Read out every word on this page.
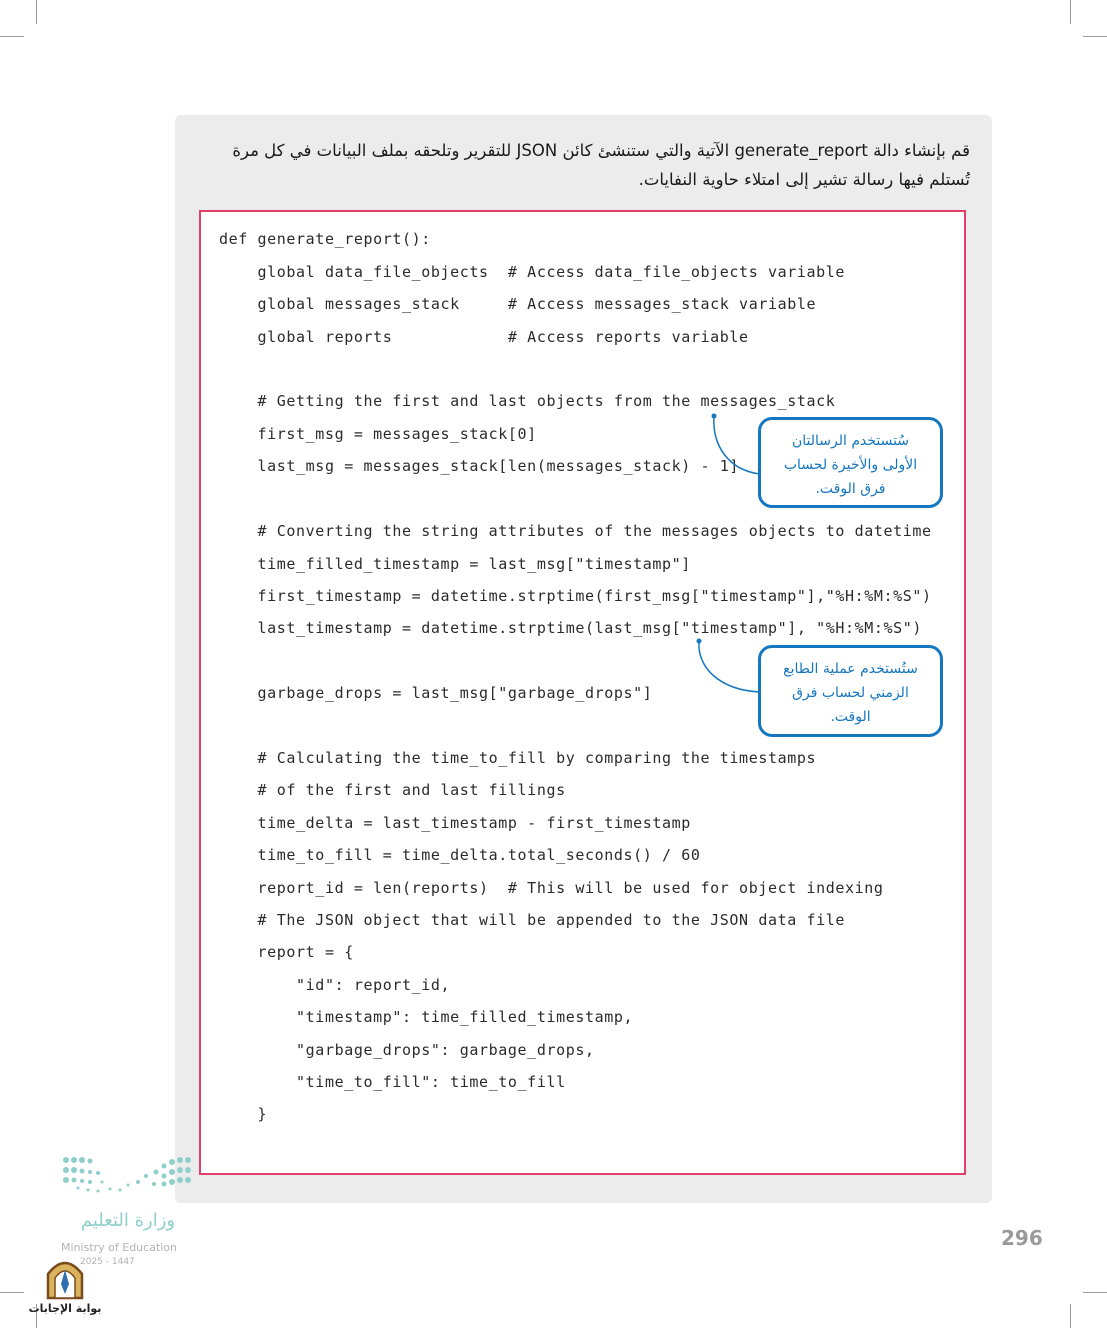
قم بإنشاء دالة generate_report الآتية والتي ستنشئ كائن JSON للتقرير وتلحقه بملف البيانات في كل مرة

تُستلم فيها رسالة تشير إلى امتلاء حاوية النفايات.

def generate_report():
global data_file_objects  # Access data_file_objects variable
global messages_stack     # Access messages_stack variable
global reports            # Access reports variable
# Getting the first and last objects from the messages_stack
first_msg = messages_stack[0]
last_msg = messages_stack[len(messages_stack) - 1]
# Converting the string attributes of the messages objects to datetime
time_filled_timestamp = last_msg["timestamp"]
first_timestamp = datetime.strptime(first_msg["timestamp"],"%H:%M:%S")
last_timestamp = datetime.strptime(last_msg["timestamp"], "%H:%M:%S")
garbage_drops = last_msg["garbage_drops"]
# Calculating the time_to_fill by comparing the timestamps
# of the first and last fillings
time_delta = last_timestamp - first_timestamp
time_to_fill = time_delta.total_seconds() / 60
report_id = len(reports)  # This will be used for object indexing
# The JSON object that will be appended to the JSON data file
report = {
"id": report_id,
"timestamp": time_filled_timestamp,
"garbage_drops": garbage_drops,
"time_to_fill": time_to_fill
}

سُتستخدم الرسالتان

الأولى والأخيرة لحساب

فرق الوقت.

ستُستخدم عملية الطابع

الزمني لحساب فرق

الوقت.

296
وزارة التعليم
Ministry of Education
2025 - 1447
بوابة الإجابات
